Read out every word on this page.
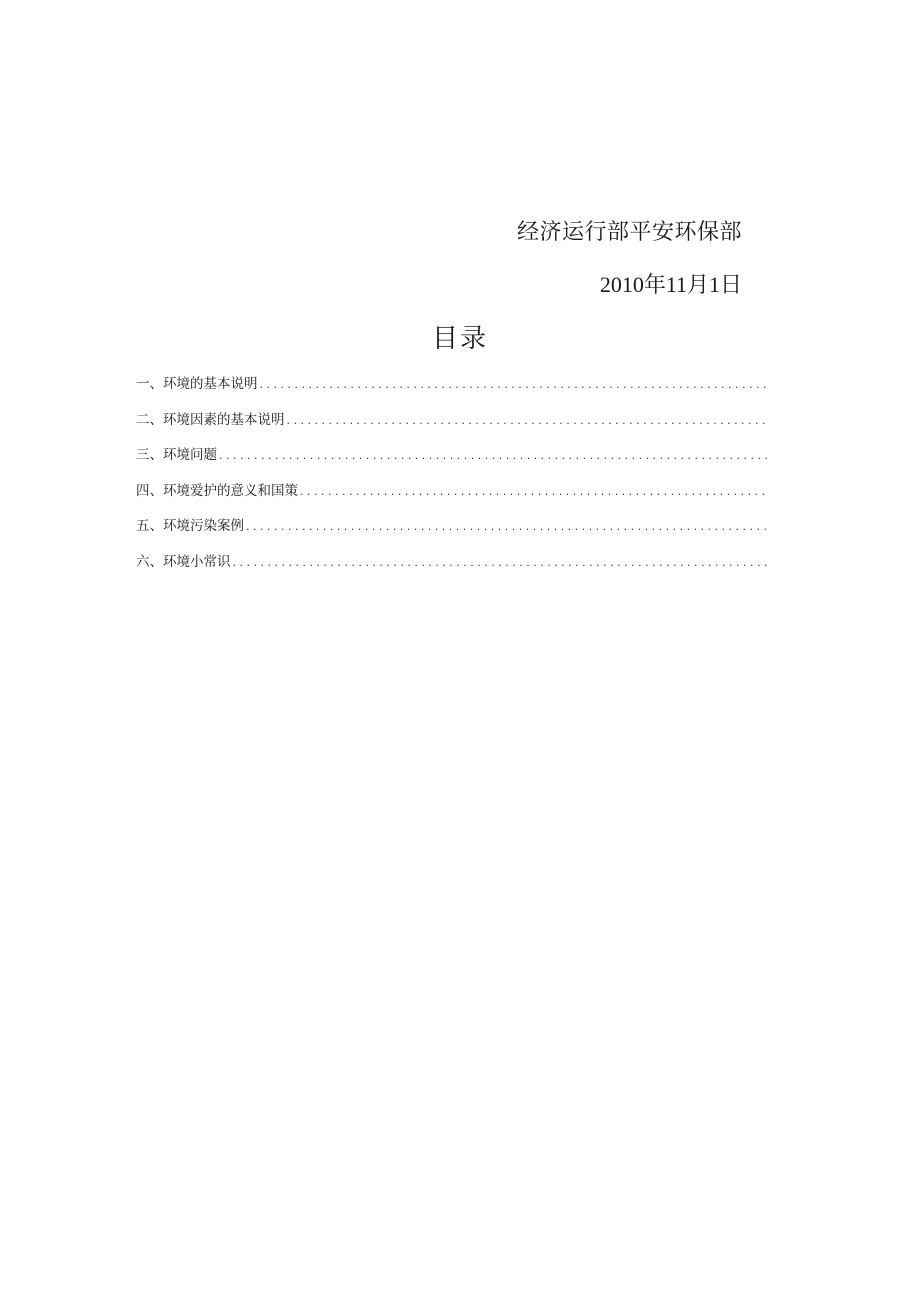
经济运行部平安环保部
2010年11月1日
目录
一、环境的基本说明
. . .
二、环境因素的基本说明
. . .
三、环境问题
. . .
四、环境爱护的意义和国策
. . .
五、环境污染案例
. . .
六、环境小常识
. . .
